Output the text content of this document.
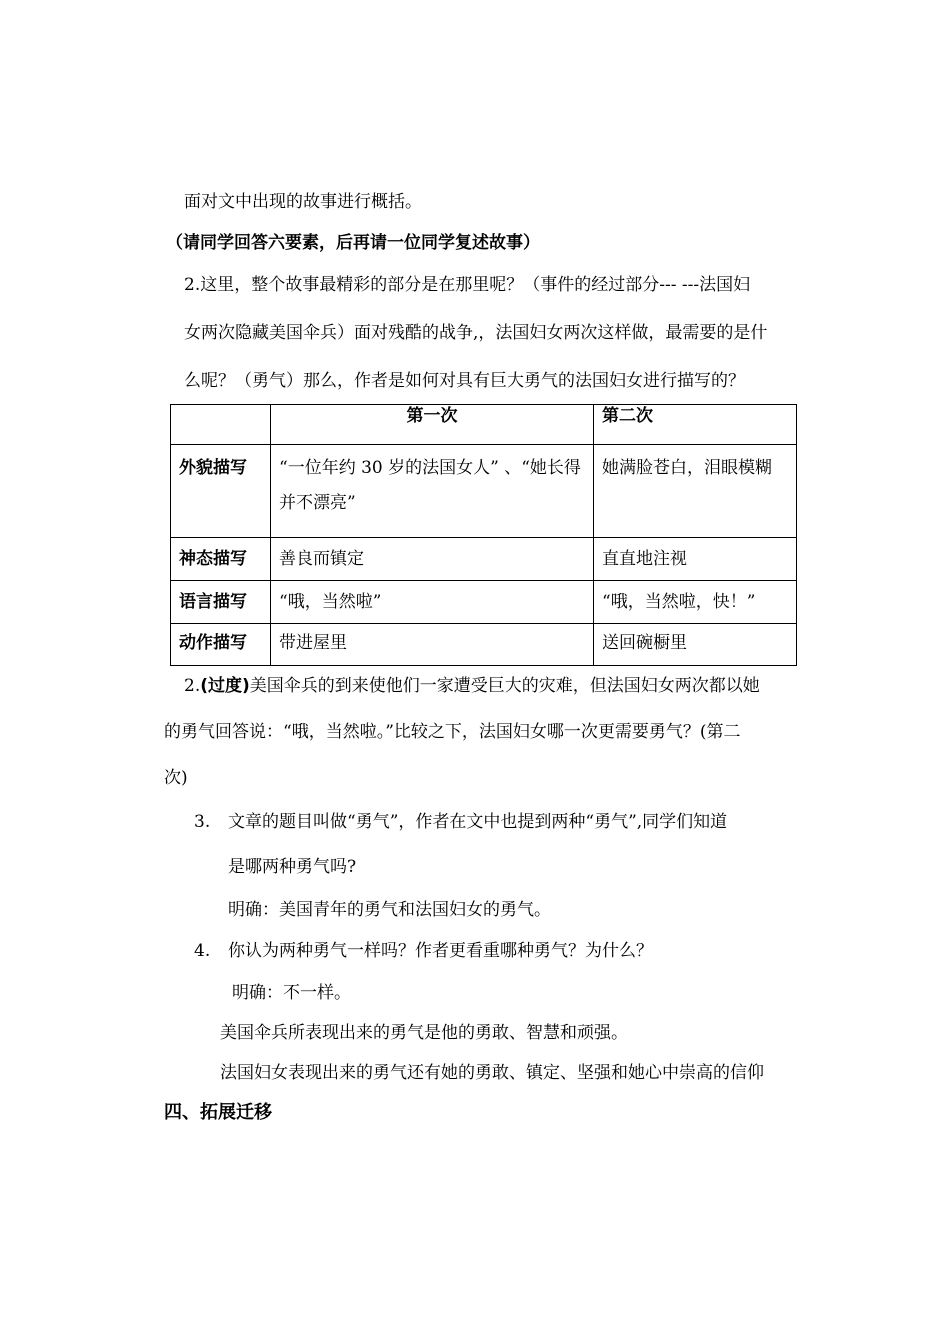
面对文中出现的故事进行概括。
（请同学回答六要素，后再请一位同学复述故事）
2.这里，整个故事最精彩的部分是在那里呢？（事件的经过部分--- ---法国妇
女两次隐藏美国伞兵）面对残酷的战争,，法国妇女两次这样做，最需要的是什
么呢？（勇气）那么，作者是如何对具有巨大勇气的法国妇女进行描写的？
	第一次	第二次
外貌描写	“一位年约 30 岁的法国女人” 、“她长得
并不漂亮”	她满脸苍白，泪眼模糊
神态描写	善良而镇定	直直地注视
语言描写	“哦，当然啦”	“哦，当然啦，快！”
动作描写	带进屋里	送回碗橱里
2.(过度)美国伞兵的到来使他们一家遭受巨大的灾难，但法国妇女两次都以她
的勇气回答说：“哦，当然啦。”比较之下，法国妇女哪一次更需要勇气？(第二
次)
3. 文章的题目叫做“勇气”，作者在文中也提到两种“勇气”,同学们知道
是哪两种勇气吗?
明确：美国青年的勇气和法国妇女的勇气。
4. 你认为两种勇气一样吗？作者更看重哪种勇气？为什么？
明确：不一样。
美国伞兵所表现出来的勇气是他的勇敢、智慧和顽强。
法国妇女表现出来的勇气还有她的勇敢、镇定、坚强和她心中崇高的信仰
四、拓展迁移
